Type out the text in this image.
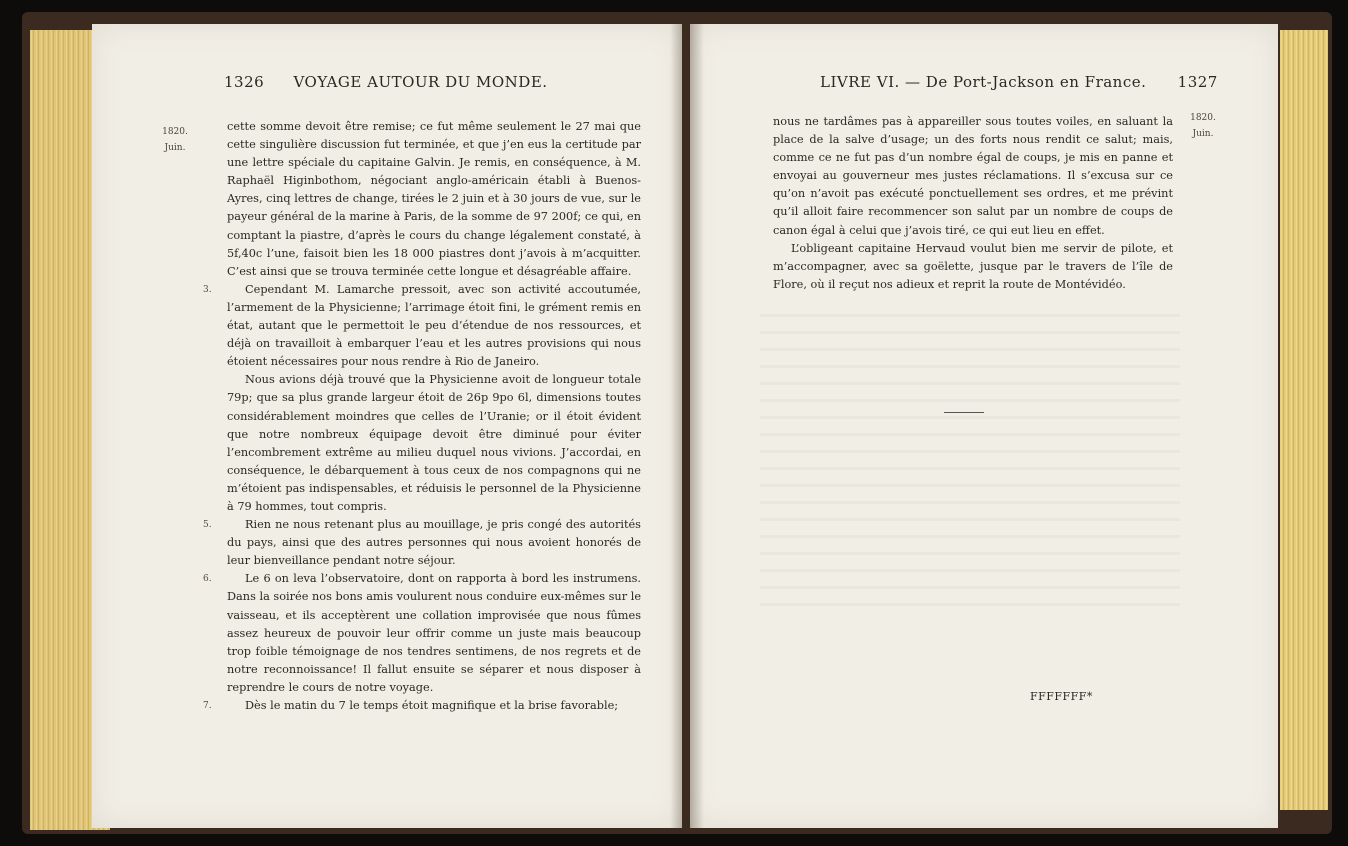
1326 VOYAGE AUTOUR DU MONDE.
1820.
Juin.

cette somme devoit être remise; ce fut même seulement le 27 mai que cette singulière discussion fut terminée, et que j’en eus la certitude par une lettre spéciale du capitaine Galvin. Je remis, en conséquence, à M. Raphaël Higinbothom, négociant anglo-américain établi à Buenos-Ayres, cinq lettres de change, tirées le 2 juin et à 30 jours de vue, sur le payeur général de la marine à Paris, de la somme de 97 200f; ce qui, en comptant la piastre, d’après le cours du change légalement constaté, à 5f,40c l’une, faisoit bien les 18 000 piastres dont j’avois à m’acquitter. C’est ainsi que se trouva terminée cette longue et désagréable affaire.

3.	Cependant M. Lamarche pressoit, avec son activité accoutumée, l’armement de la Physicienne; l’arrimage étoit fini, le grément remis en état, autant que le permettoit le peu d’étendue de nos ressources, et déjà on travailloit à embarquer l’eau et les autres provisions qui nous étoient nécessaires pour nous rendre à Rio de Janeiro.

Nous avions déjà trouvé que la Physicienne avoit de longueur totale 79p; que sa plus grande largeur étoit de 26p 9po 6l, dimensions toutes considérablement moindres que celles de l’Uranie; or il étoit évident que notre nombreux équipage devoit être diminué pour éviter l’encombrement extrême au milieu duquel nous vivions. J’accordai, en conséquence, le débarquement à tous ceux de nos compagnons qui ne m’étoient pas indispensables, et réduisis le personnel de la Physicienne à 79 hommes, tout compris.

5.	Rien ne nous retenant plus au mouillage, je pris congé des autorités du pays, ainsi que des autres personnes qui nous avoient honorés de leur bienveillance pendant notre séjour.

6.	Le 6 on leva l’observatoire, dont on rapporta à bord les instrumens. Dans la soirée nos bons amis voulurent nous conduire eux-mêmes sur le vaisseau, et ils acceptèrent une collation improvisée que nous fûmes assez heureux de pouvoir leur offrir comme un juste mais beaucoup trop foible témoignage de nos tendres sentimens, de nos regrets et de notre reconnoissance! Il fallut ensuite se séparer et nous disposer à reprendre le cours de notre voyage.

7.	Dès le matin du 7 le temps étoit magnifique et la brise favorable;

LIVRE VI. — De Port-Jackson en France. 1327
1820.
Juin.

nous ne tardâmes pas à appareiller sous toutes voiles, en saluant la place de la salve d’usage; un des forts nous rendit ce salut; mais, comme ce ne fut pas d’un nombre égal de coups, je mis en panne et envoyai au gouverneur mes justes réclamations. Il s’excusa sur ce qu’on n’avoit pas exécuté ponctuellement ses ordres, et me prévint qu’il alloit faire recommencer son salut par un nombre de coups de canon égal à celui que j’avois tiré, ce qui eut lieu en effet.

L’obligeant capitaine Hervaud voulut bien me servir de pilote, et m’accompagner, avec sa goëlette, jusque par le travers de l’île de Flore, où il reçut nos adieux et reprit la route de Montévidéo.

FFFFFFF*
